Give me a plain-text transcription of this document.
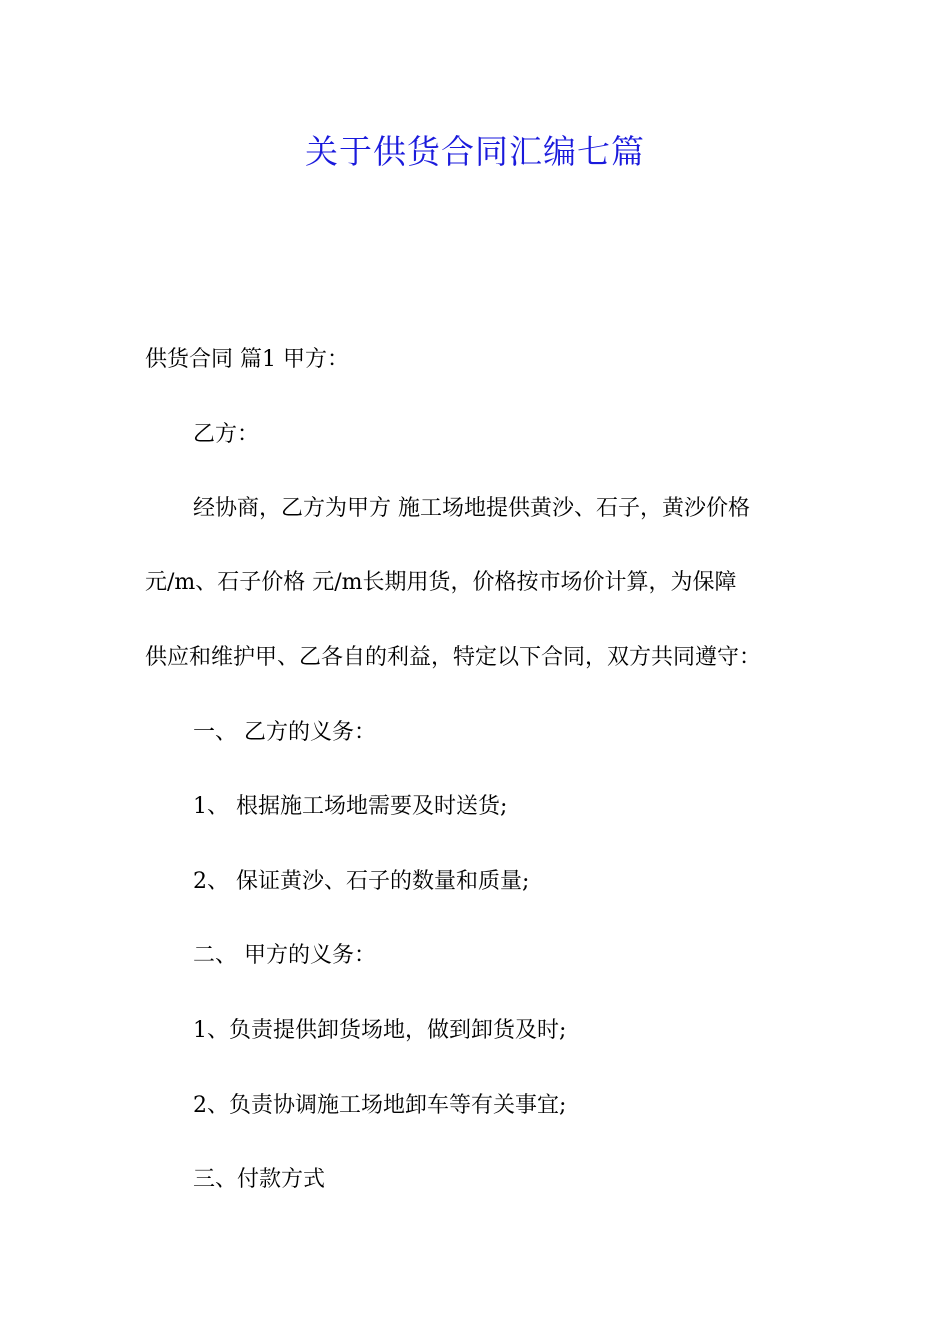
关于供货合同汇编七篇

供货合同 篇1 甲方：

乙方：

经协商，乙方为甲方 施工场地提供黄沙、石子，黄沙价格

元/m、石子价格 元/m长期用货，价格按市场价计算，为保障

供应和维护甲、乙各自的利益，特定以下合同，双方共同遵守：

一、 乙方的义务：

1、 根据施工场地需要及时送货;

2、 保证黄沙、石子的数量和质量;

二、 甲方的义务：

1、负责提供卸货场地，做到卸货及时;

2、负责协调施工场地卸车等有关事宜;

三、付款方式
